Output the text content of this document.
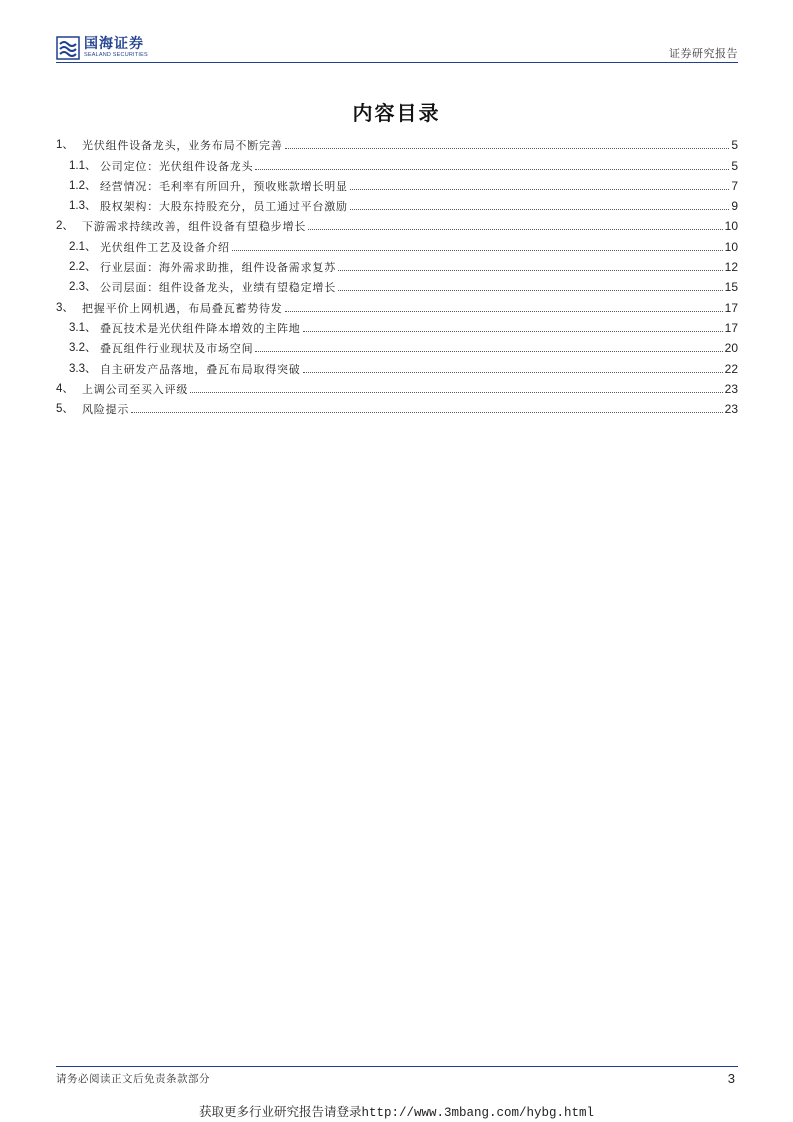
国海证券
SEALAND SECURITIES	证券研究报告
内容目录
1、 光伏组件设备龙头，业务布局不断完善	5
1.1、 公司定位：光伏组件设备龙头	5
1.2、 经营情况：毛利率有所回升，预收账款增长明显	7
1.3、 股权架构：大股东持股充分，员工通过平台激励	9
2、 下游需求持续改善，组件设备有望稳步增长	10
2.1、 光伏组件工艺及设备介绍	10
2.2、 行业层面：海外需求助推，组件设备需求复苏	12
2.3、 公司层面：组件设备龙头，业绩有望稳定增长	15
3、 把握平价上网机遇，布局叠瓦蓄势待发	17
3.1、 叠瓦技术是光伏组件降本增效的主阵地	17
3.2、 叠瓦组件行业现状及市场空间	20
3.3、 自主研发产品落地，叠瓦布局取得突破	22
4、 上调公司至买入评级	23
5、 风险提示	23
请务必阅读正文后免责条款部分	3
获取更多行业研究报告请登录http://www.3mbang.com/hybg.html
